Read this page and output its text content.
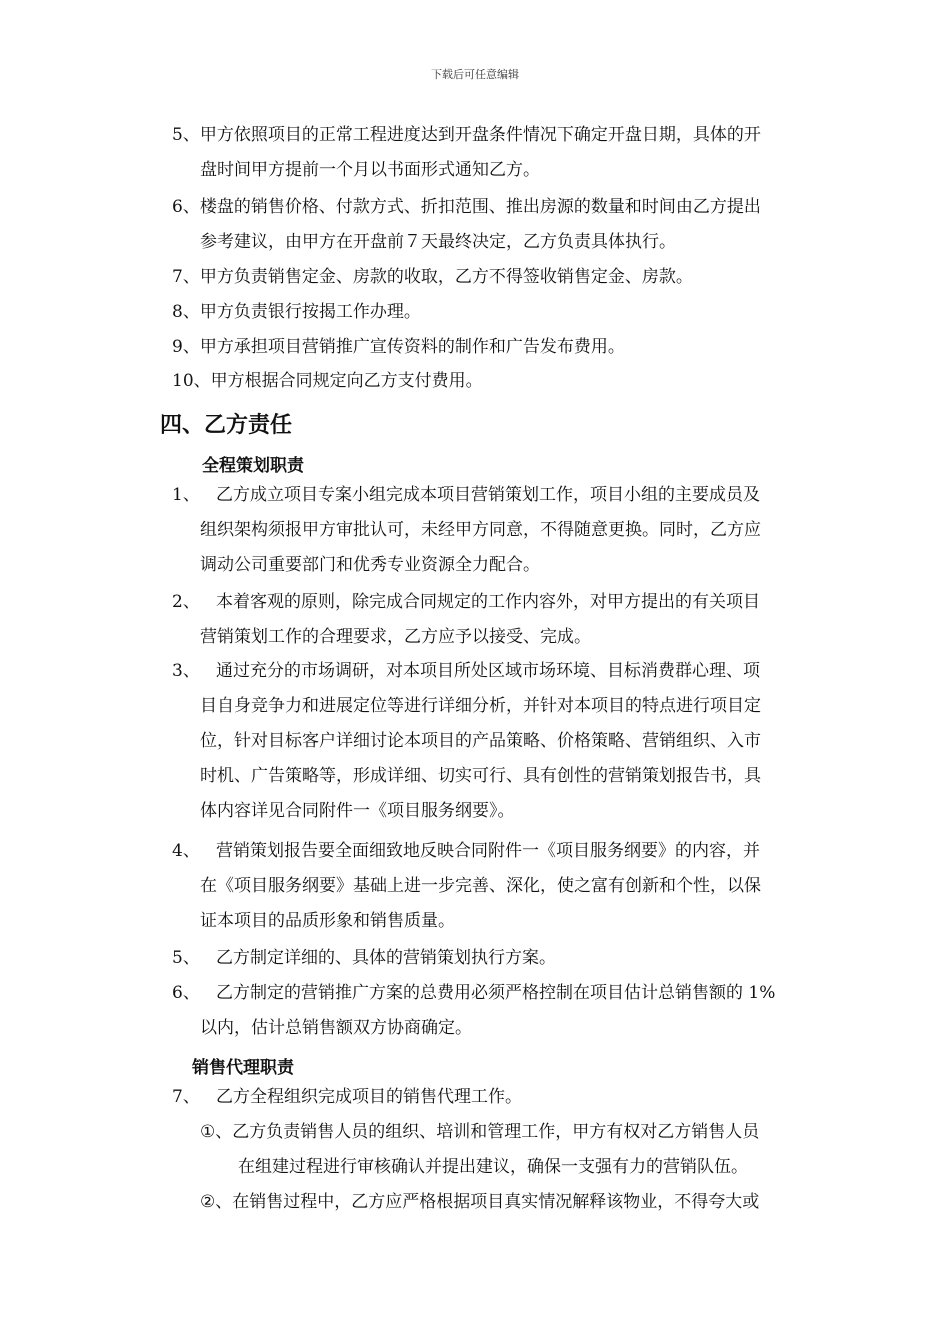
下载后可任意编辑
5、甲方依照项目的正常工程进度达到开盘条件情况下确定开盘日期，具体的开
盘时间甲方提前一个月以书面形式通知乙方。
6、楼盘的销售价格、付款方式、折扣范围、推出房源的数量和时间由乙方提出
参考建议，由甲方在开盘前７天最终决定，乙方负责具体执行。
7、甲方负责销售定金、房款的收取，乙方不得签收销售定金、房款。
8、甲方负责银行按揭工作办理。
9、甲方承担项目营销推广宣传资料的制作和广告发布费用。
10、甲方根据合同规定向乙方支付费用。
四、乙方责任
全程策划职责
1、 乙方成立项目专案小组完成本项目营销策划工作，项目小组的主要成员及
组织架构须报甲方审批认可，未经甲方同意，不得随意更换。同时，乙方应
调动公司重要部门和优秀专业资源全力配合。
2、 本着客观的原则，除完成合同规定的工作内容外，对甲方提出的有关项目
营销策划工作的合理要求，乙方应予以接受、完成。
3、 通过充分的市场调研，对本项目所处区域市场环境、目标消费群心理、项
目自身竞争力和进展定位等进行详细分析，并针对本项目的特点进行项目定
位，针对目标客户详细讨论本项目的产品策略、价格策略、营销组织、入市
时机、广告策略等，形成详细、切实可行、具有创性的营销策划报告书，具
体内容详见合同附件一《项目服务纲要》。
4、 营销策划报告要全面细致地反映合同附件一《项目服务纲要》的内容，并
在《项目服务纲要》基础上进一步完善、深化，使之富有创新和个性，以保
证本项目的品质形象和销售质量。
5、 乙方制定详细的、具体的营销策划执行方案。
6、 乙方制定的营销推广方案的总费用必须严格控制在项目估计总销售额的 1%
以内，估计总销售额双方协商确定。
销售代理职责
7、 乙方全程组织完成项目的销售代理工作。
①、乙方负责销售人员的组织、培训和管理工作，甲方有权对乙方销售人员
在组建过程进行审核确认并提出建议，确保一支强有力的营销队伍。
②、在销售过程中，乙方应严格根据项目真实情况解释该物业，不得夸大或
